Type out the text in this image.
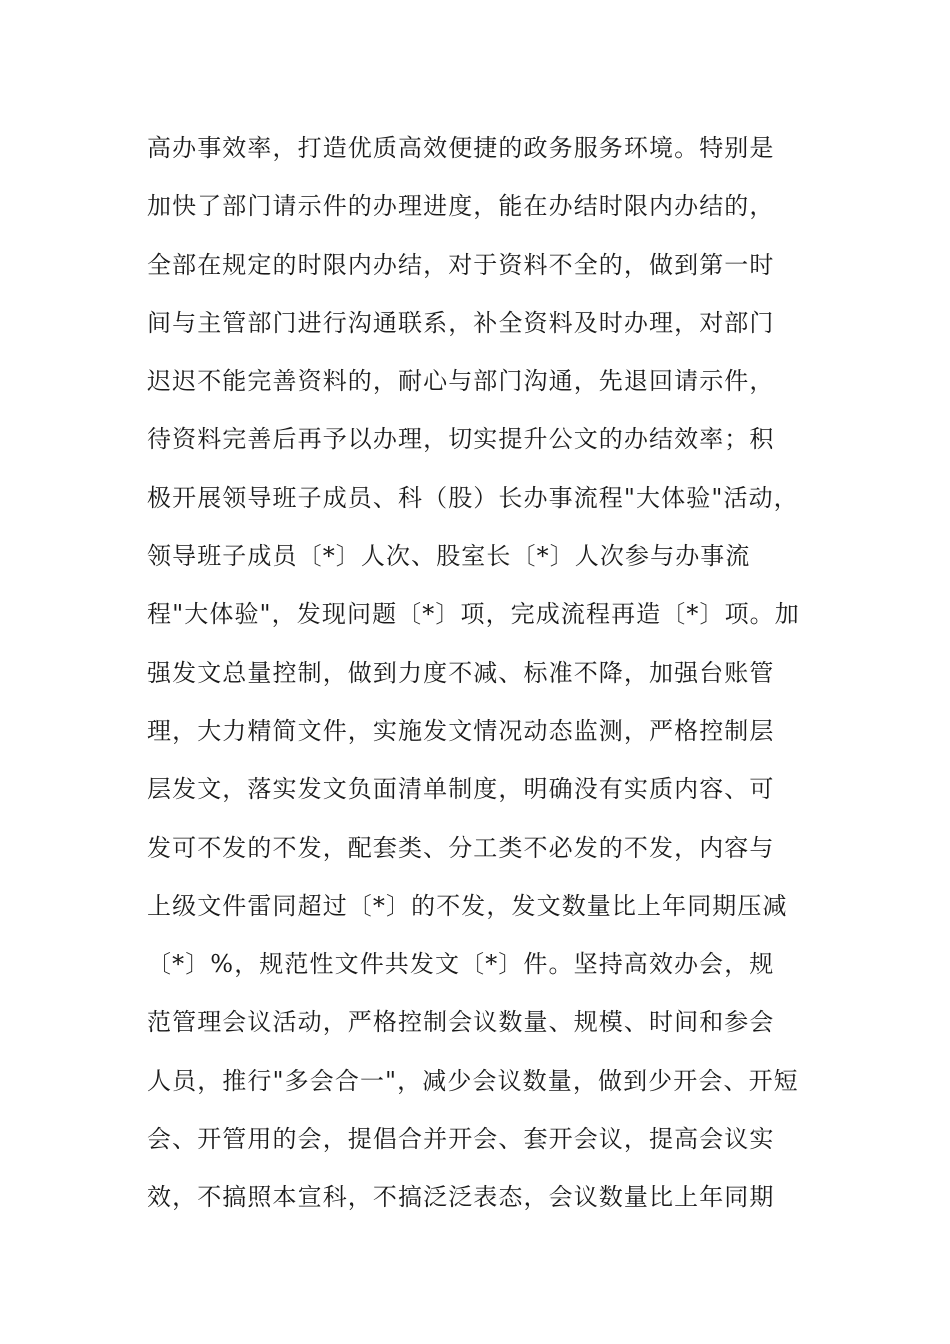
高办事效率，打造优质高效便捷的政务服务环境。特别是
加快了部门请示件的办理进度，能在办结时限内办结的，
全部在规定的时限内办结，对于资料不全的，做到第一时
间与主管部门进行沟通联系，补全资料及时办理，对部门
迟迟不能完善资料的，耐心与部门沟通，先退回请示件，
待资料完善后再予以办理，切实提升公文的办结效率；积
极开展领导班子成员、科（股）长办事流程"大体验"活动，
领导班子成员〔*〕人次、股室长〔*〕人次参与办事流
程"大体验"，发现问题〔*〕项，完成流程再造〔*〕项。加
强发文总量控制，做到力度不减、标准不降，加强台账管
理，大力精简文件，实施发文情况动态监测，严格控制层
层发文，落实发文负面清单制度，明确没有实质内容、可
发可不发的不发，配套类、分工类不必发的不发，内容与
上级文件雷同超过〔*〕的不发，发文数量比上年同期压减
〔*〕%，规范性文件共发文〔*〕件。坚持高效办会，规
范管理会议活动，严格控制会议数量、规模、时间和参会
人员，推行"多会合一"，减少会议数量，做到少开会、开短
会、开管用的会，提倡合并开会、套开会议，提高会议实
效，不搞照本宣科，不搞泛泛表态，会议数量比上年同期
